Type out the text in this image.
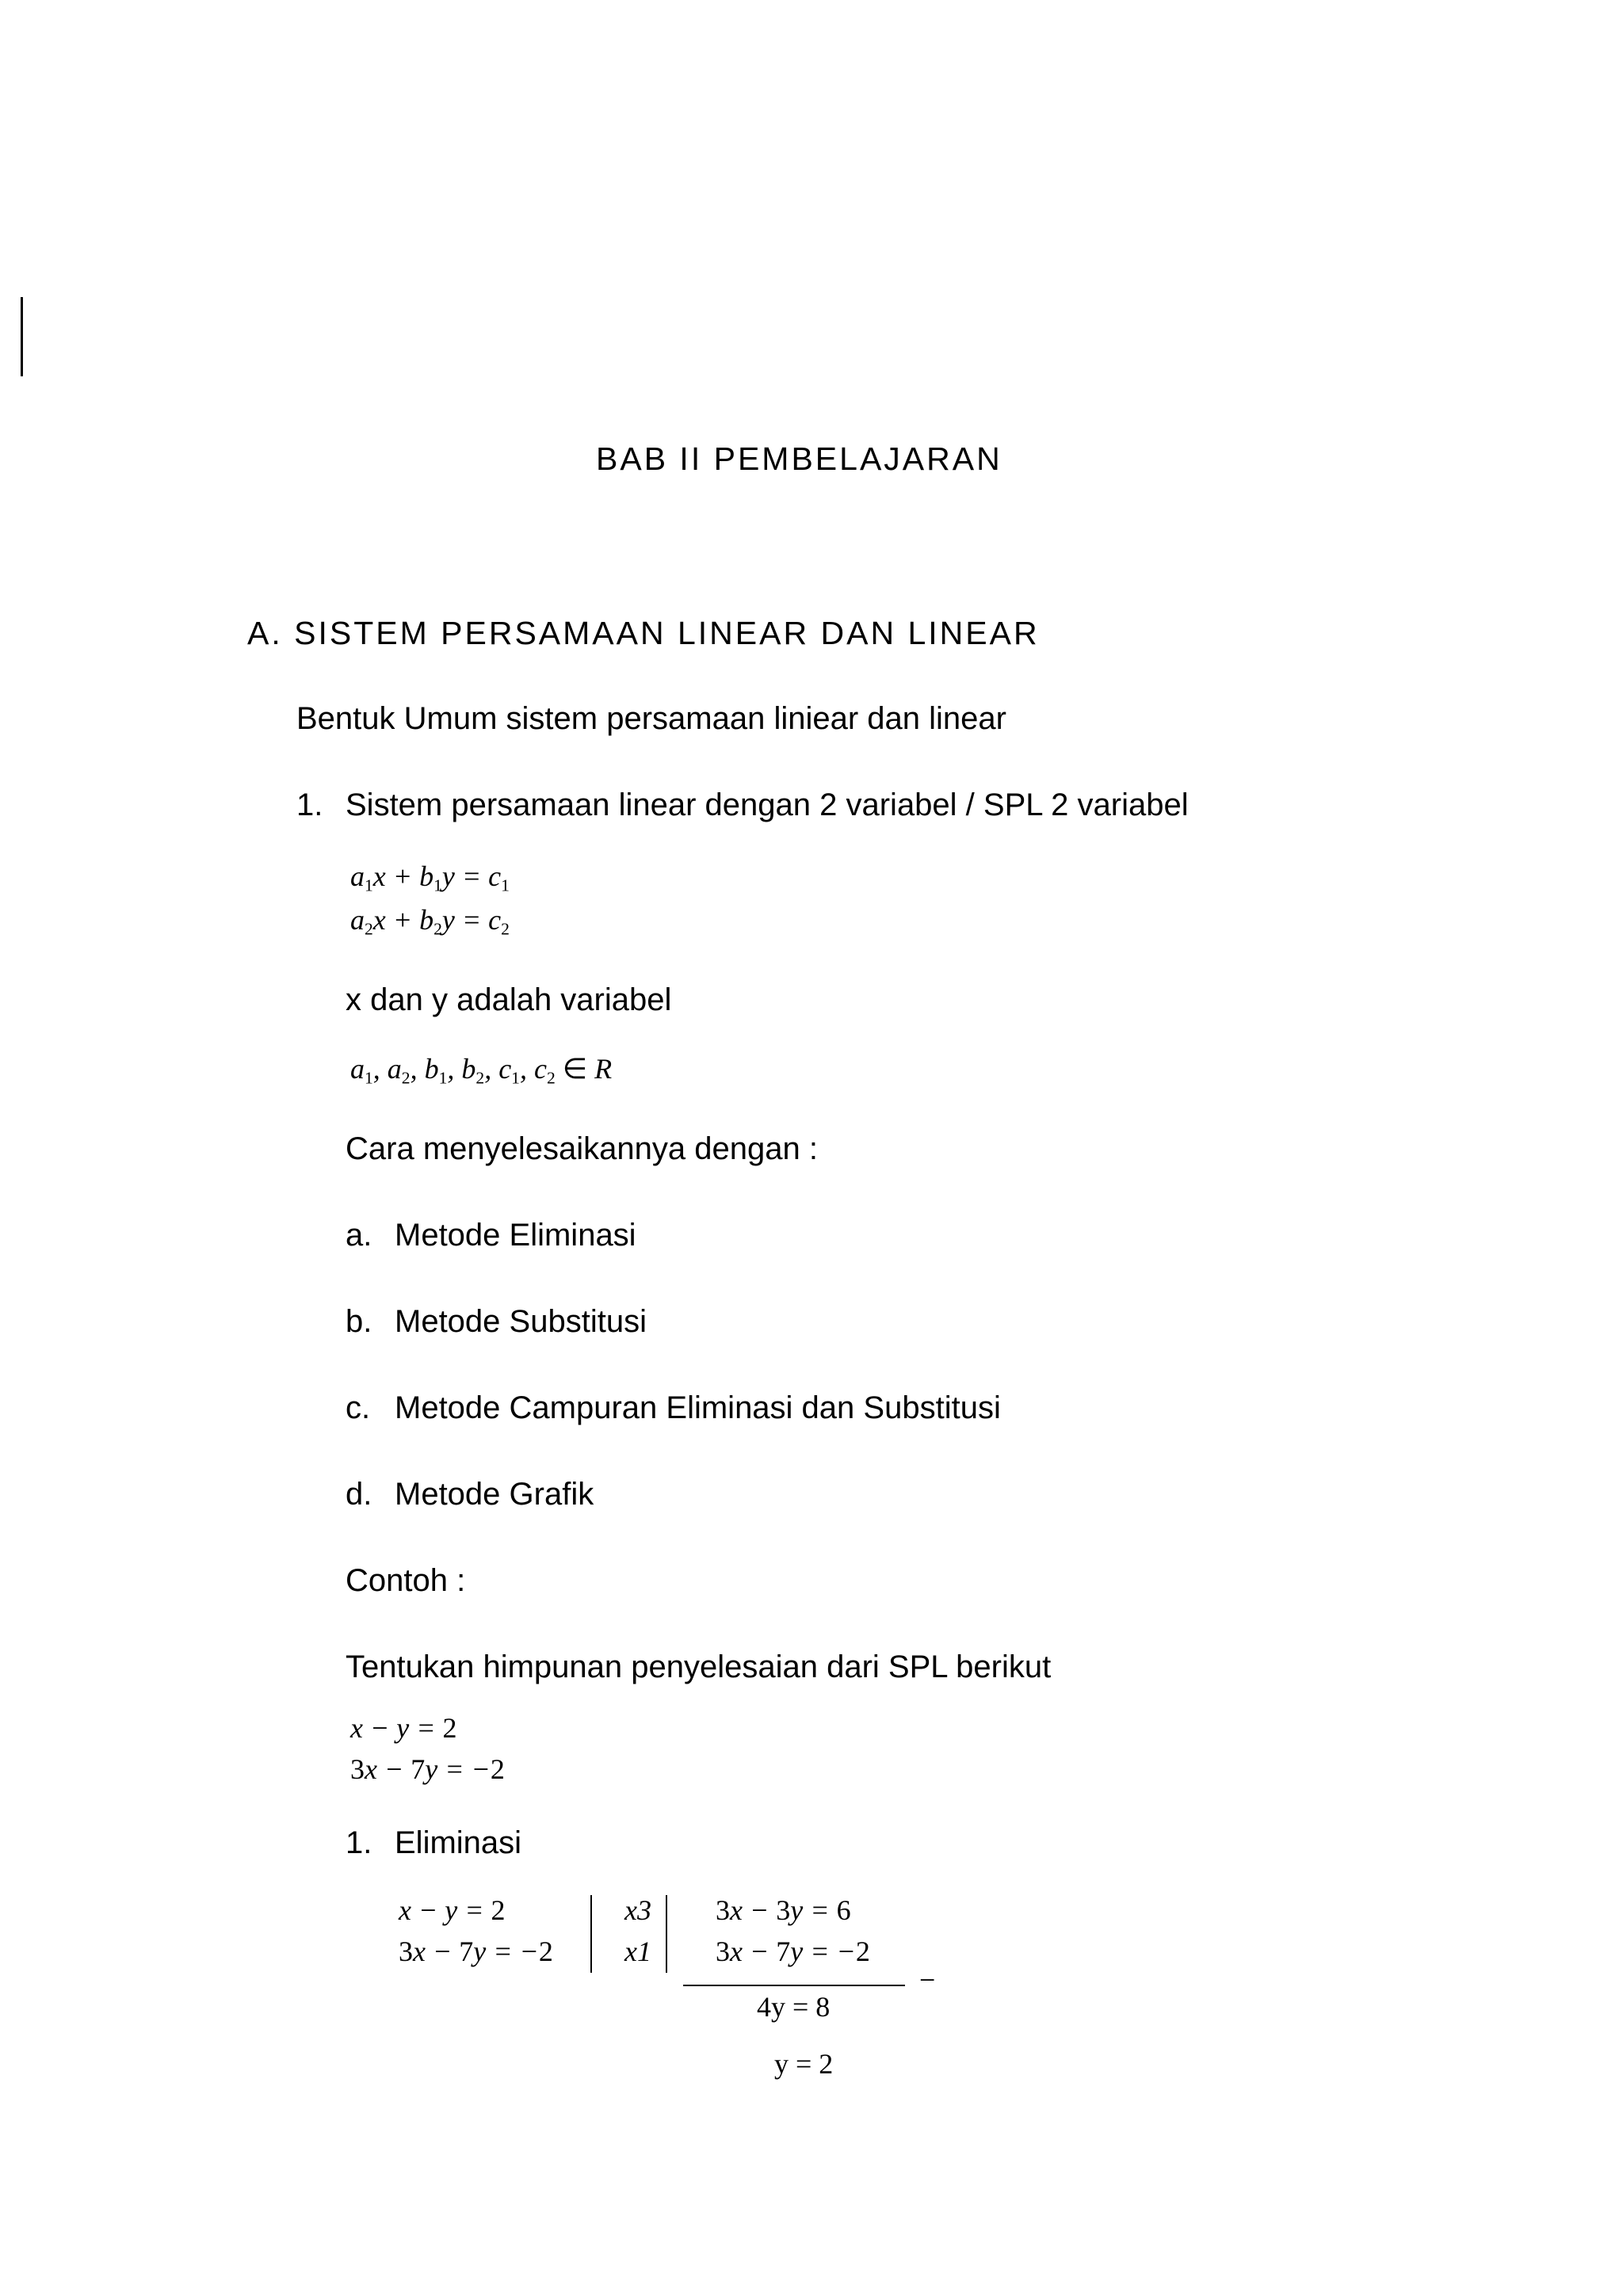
BAB II PEMBELAJARAN
A. SISTEM PERSAMAAN LINEAR DAN LINEAR
Bentuk Umum sistem persamaan liniear dan linear
1. Sistem persamaan linear dengan 2 variabel / SPL 2 variabel
$a_1x + b_1y = c_1$
$a_2x + b_2y = c_2$
x dan y adalah variabel
$a_1$, $a_2$, $b_1$, $b_2$, $c_1$, $c_2$ ∈ R
Cara menyelesaikannya dengan :
a. Metode Eliminasi
b. Metode Substitusi
c. Metode Campuran Eliminasi dan Substitusi
d. Metode Grafik
Contoh :
Tentukan himpunan penyelesaian dari SPL berikut
x − y = 2
3x − 7y = −2
1. Eliminasi
x − y = 2
3x − 7y = −2
x3
x1
3x − 3y = 6
3x − 7y = −2
−
4y = 8
y = 2
